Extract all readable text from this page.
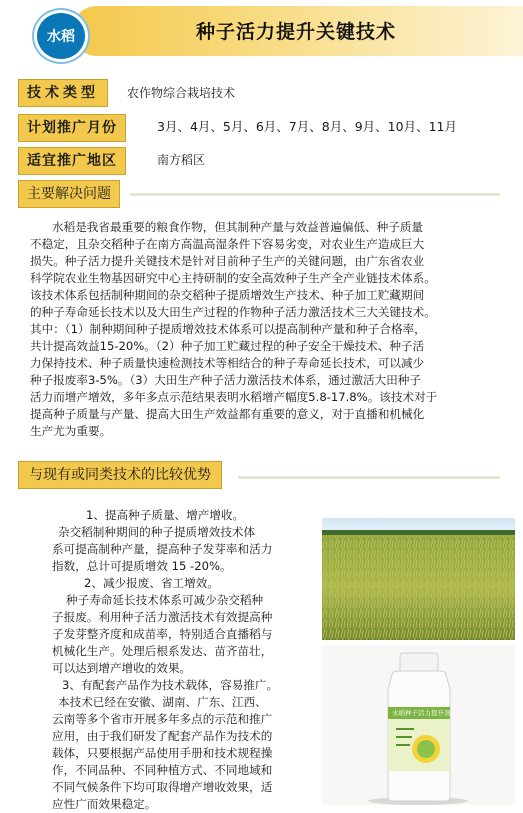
水稻	种子活力提升关键技术
技术类型	农作物综合栽培技术
计划推广月份	3月、4月、5月、6月、7月、8月、9月、10月、11月
适宜推广地区	南方稻区
主要解决问题

水稻是我省最重要的粮食作物，但其制种产量与效益普遍偏低、种子质量

不稳定，且杂交稻种子在南方高温高湿条件下容易劣变，对农业生产造成巨大

损失。种子活力提升关键技术是针对目前种子生产的关键问题，由广东省农业

科学院农业生物基因研究中心主持研制的安全高效种子生产全产业链技术体系。

该技术体系包括制种期间的杂交稻种子提质增效生产技术、种子加工贮藏期间

的种子寿命延长技术以及大田生产过程的作物种子活力激活技术三大关键技术。

其中：（1）制种期间种子提质增效技术体系可以提高制种产量和种子合格率，

共计提高效益15-20%。（2）种子加工贮藏过程的种子安全干燥技术、种子活

力保持技术、种子质量快速检测技术等相结合的种子寿命延长技术，可以减少

种子报废率3-5%。（3）大田生产种子活力激活技术体系，通过激活大田种子

活力而增产增效，多年多点示范结果表明水稻增产幅度5.8-17.8%。该技术对于

提高种子质量与产量、提高大田生产效益都有重要的意义，对于直播和机械化

生产尤为重要。

与现有或同类技术的比较优势

1、提高种子质量、增产增收。

杂交稻制种期间的种子提质增效技术体

系可提高制种产量，提高种子发芽率和活力

指数，总计可提质增效 15 -20%。

2、减少报废、省工增效。

种子寿命延长技术体系可减少杂交稻种

子报废。利用种子活力激活技术有效提高种

子发芽整齐度和成苗率，特别适合直播稻与

机械化生产。处理后根系发达、苗齐苗壮，

可以达到增产增收的效果。

3、有配套产品作为技术载体，容易推广。

本技术已经在安徽、湖南、广东、江西、

云南等多个省市开展多年多点的示范和推广

应用，由于我们研发了配套产品作为技术的

载体，只要根据产品使用手册和技术规程操

作，不同品种、不同种植方式、不同地域和

不同气候条件下均可取得增产增收效果，适

应性广而效果稳定。

水稻种子活力提升剂
